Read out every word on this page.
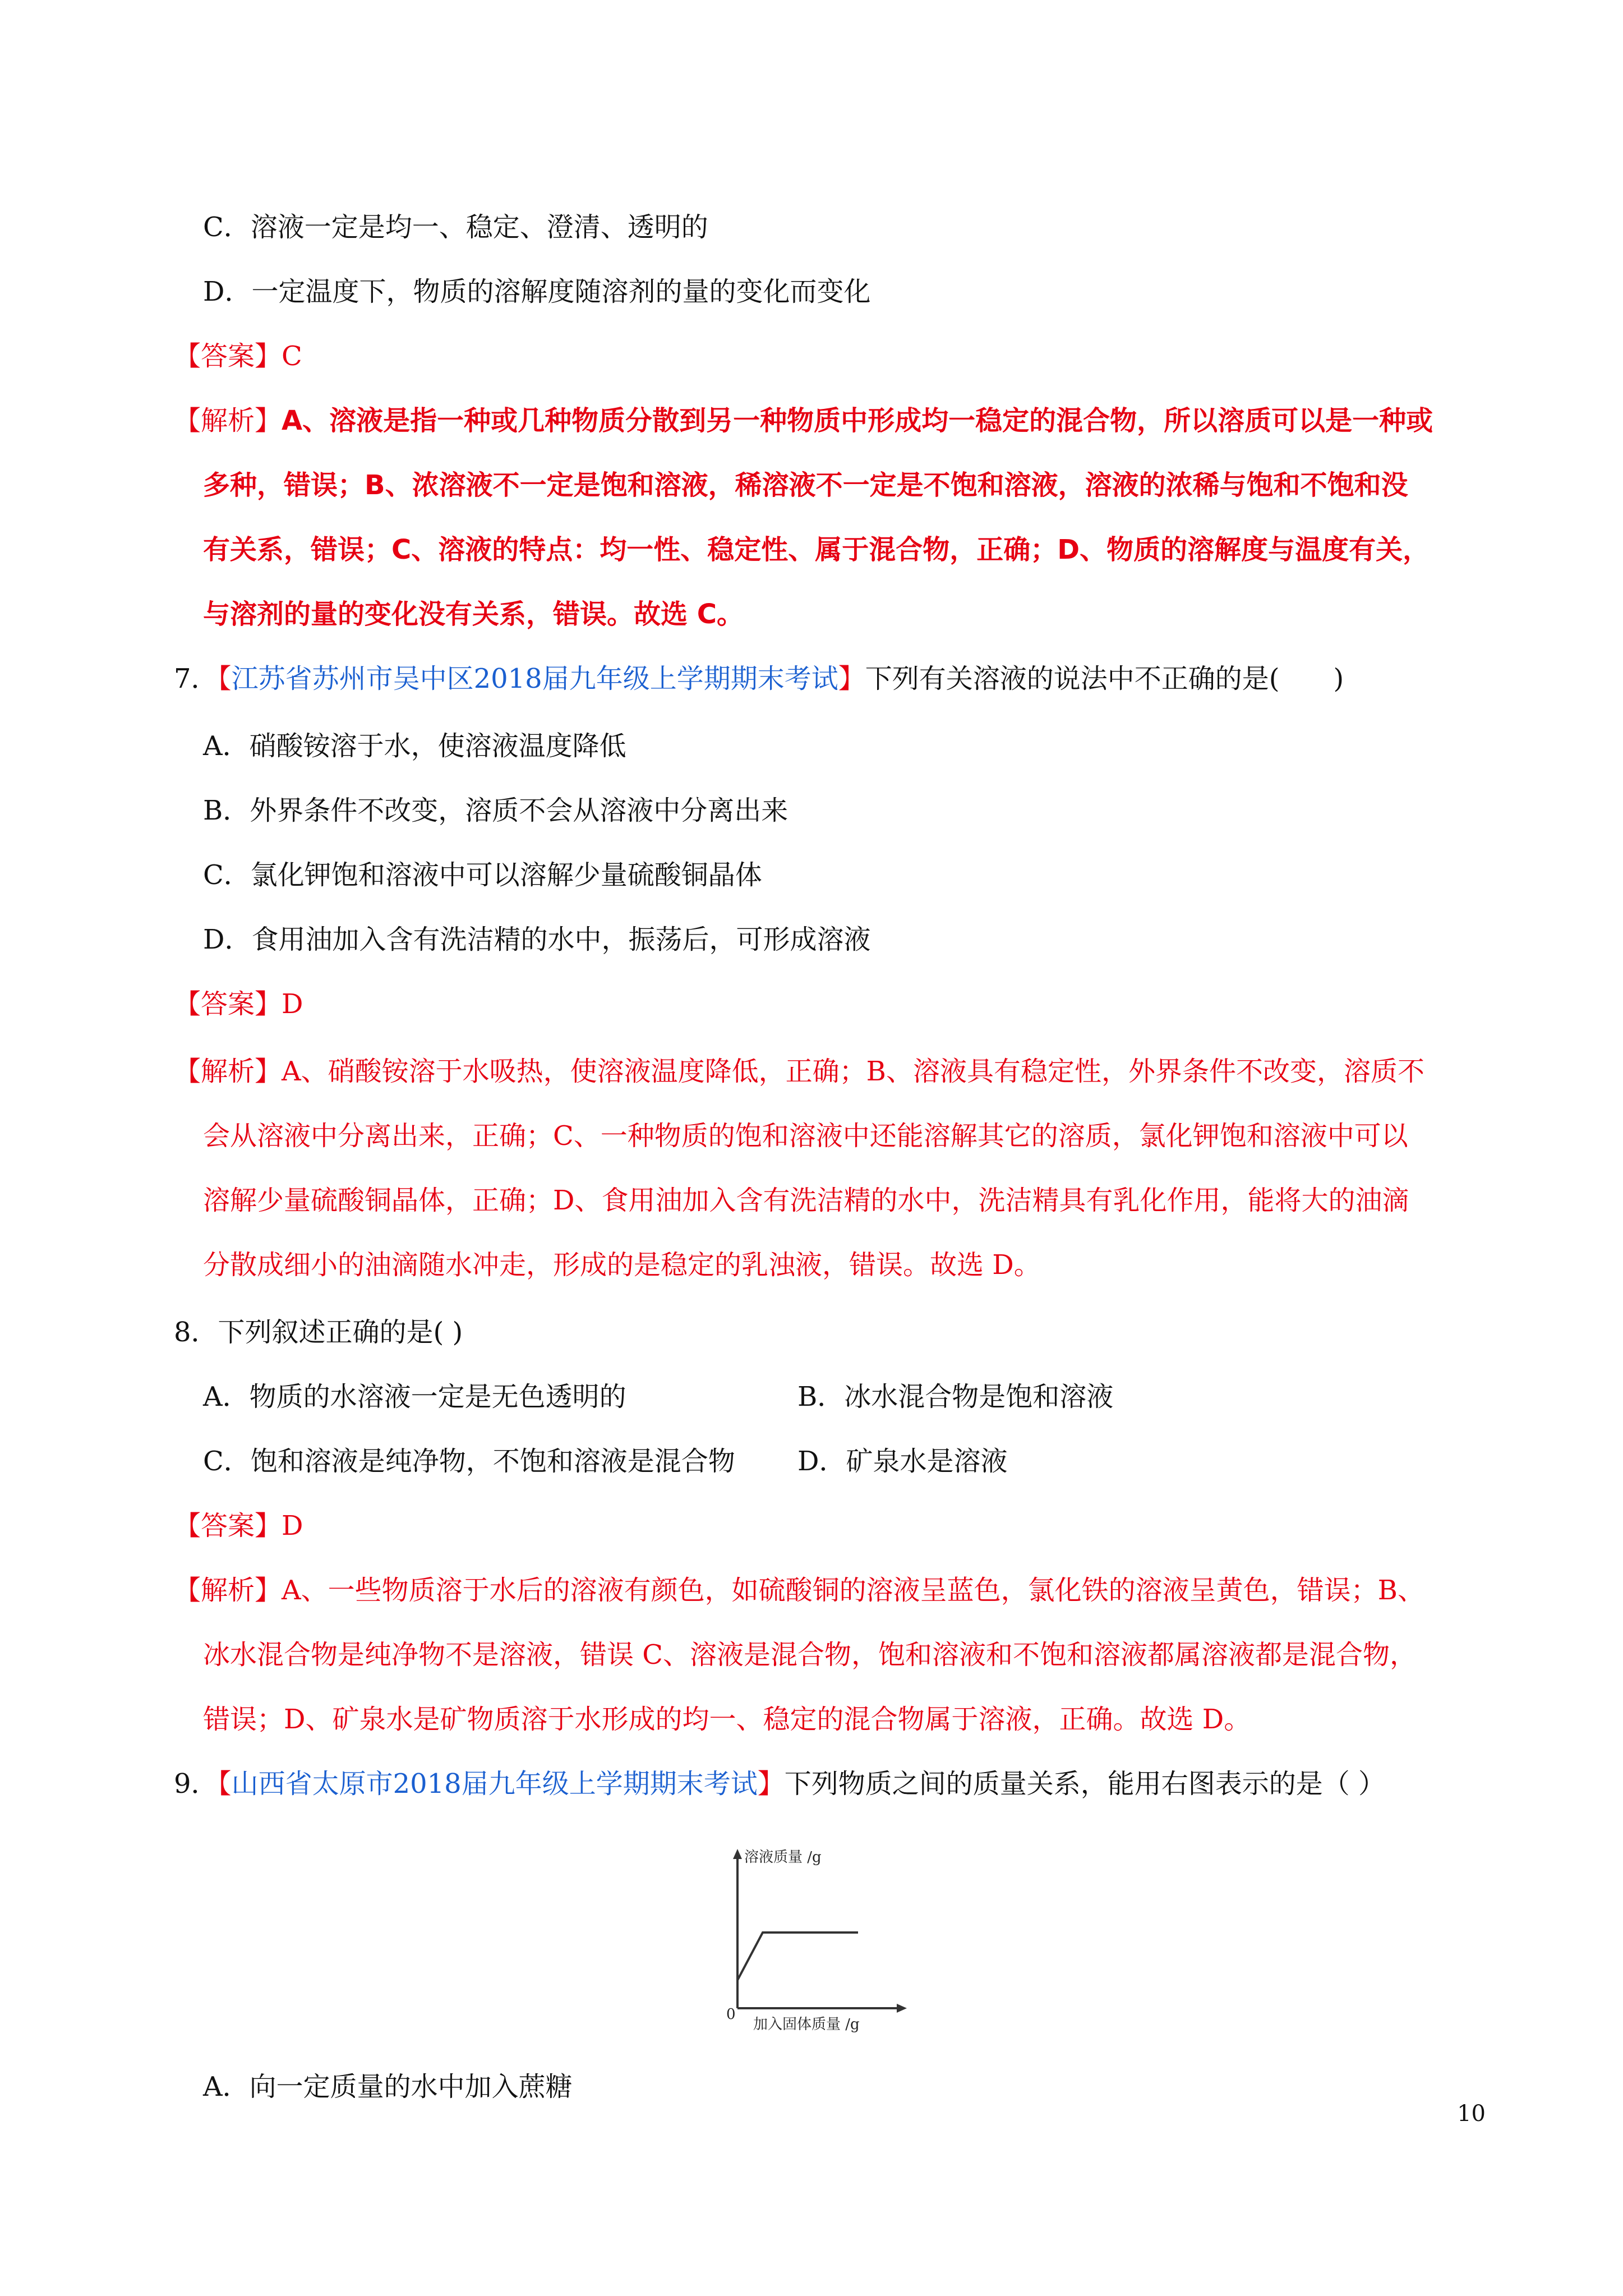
C．溶液一定是均一、稳定、澄清、透明的
D．一定温度下，物质的溶解度随溶剂的量的变化而变化
【答案】C
【解析】A、溶液是指一种或几种物质分散到另一种物质中形成均一稳定的混合物，所以溶质可以是一种或
多种，错误；B、浓溶液不一定是饱和溶液，稀溶液不一定是不饱和溶液，溶液的浓稀与饱和不饱和没
有关系，错误；C、溶液的特点：均一性、稳定性、属于混合物，正确；D、物质的溶解度与温度有关，
与溶剂的量的变化没有关系，错误。故选 C。
7．【江苏省苏州市吴中区2018届九年级上学期期末考试】下列有关溶液的说法中不正确的是(　　)
A．硝酸铵溶于水，使溶液温度降低
B．外界条件不改变，溶质不会从溶液中分离出来
C．氯化钾饱和溶液中可以溶解少量硫酸铜晶体
D．食用油加入含有洗洁精的水中，振荡后，可形成溶液
【答案】D
【解析】A、硝酸铵溶于水吸热，使溶液温度降低，正确；B、溶液具有稳定性，外界条件不改变，溶质不
会从溶液中分离出来，正确；C、一种物质的饱和溶液中还能溶解其它的溶质，氯化钾饱和溶液中可以
溶解少量硫酸铜晶体，正确；D、食用油加入含有洗洁精的水中，洗洁精具有乳化作用，能将大的油滴
分散成细小的油滴随水冲走，形成的是稳定的乳浊液，错误。故选 D。
8．下列叙述正确的是( )
A．物质的水溶液一定是无色透明的	B．冰水混合物是饱和溶液
C．饱和溶液是纯净物，不饱和溶液是混合物 D．矿泉水是溶液
【答案】D
【解析】A、一些物质溶于水后的溶液有颜色，如硫酸铜的溶液呈蓝色，氯化铁的溶液呈黄色，错误；B、
冰水混合物是纯净物不是溶液，错误 C、溶液是混合物，饱和溶液和不饱和溶液都属溶液都是混合物，
错误；D、矿泉水是矿物质溶于水形成的均一、稳定的混合物属于溶液，正确。故选 D。
9．【山西省太原市2018届九年级上学期期末考试】下列物质之间的质量关系，能用右图表示的是（ ）
溶液质量 /g
0
加入固体质量 /g
A．向一定质量的水中加入蔗糖
10
